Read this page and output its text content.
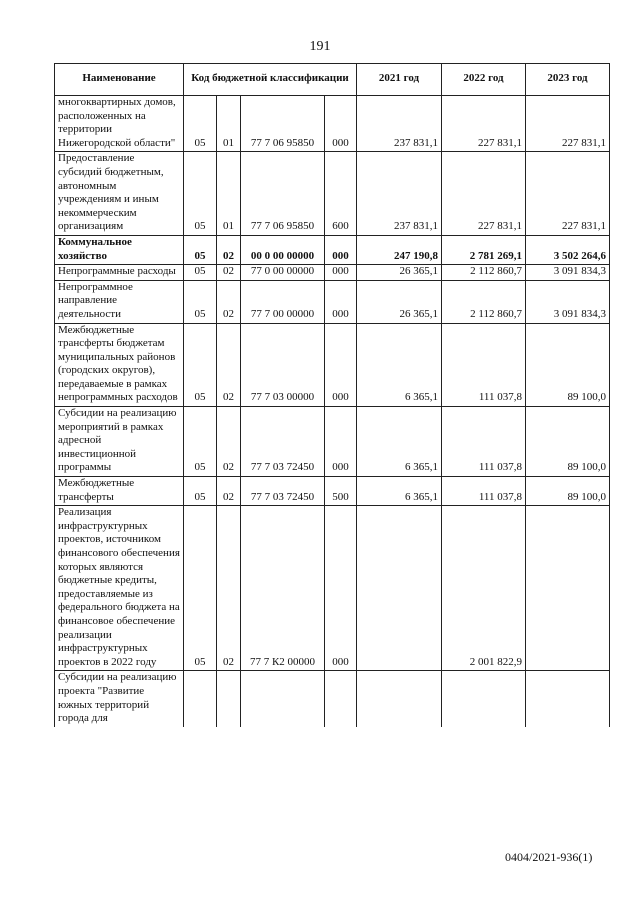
191
Наименование	Код бюджетной классификации				2021 год	2022 год	2023 год
многоквартирных домов, расположенных на территории Нижегородской области"	05	01	77 7 06 95850	000	237 831,1	227 831,1	227 831,1
Предоставление субсидий бюджетным, автономным учреждениям и иным некоммерческим организациям	05	01	77 7 06 95850	600	237 831,1	227 831,1	227 831,1
Коммунальное хозяйство	05	02	00 0 00 00000	000	247 190,8	2 781 269,1	3 502 264,6
Непрограммные расходы	05	02	77 0 00 00000	000	26 365,1	2 112 860,7	3 091 834,3
Непрограммное направление деятельности	05	02	77 7 00 00000	000	26 365,1	2 112 860,7	3 091 834,3
Межбюджетные трансферты бюджетам муниципальных районов (городских округов), передаваемые в рамках непрограммных расходов	05	02	77 7 03 00000	000	6 365,1	111 037,8	89 100,0
Субсидии на реализацию мероприятий в рамках адресной инвестиционной программы	05	02	77 7 03 72450	000	6 365,1	111 037,8	89 100,0
Межбюджетные трансферты	05	02	77 7 03 72450	500	6 365,1	111 037,8	89 100,0
Реализация инфраструктурных проектов, источником финансового обеспечения которых являются бюджетные кредиты, предоставляемые из федерального бюджета на финансовое обеспечение реализации инфраструктурных проектов в 2022 году	05	02	77 7 К2 00000	000		2 001 822,9	
Субсидии на реализацию проекта "Развитие южных территорий города для							
0404/2021-936(1)
